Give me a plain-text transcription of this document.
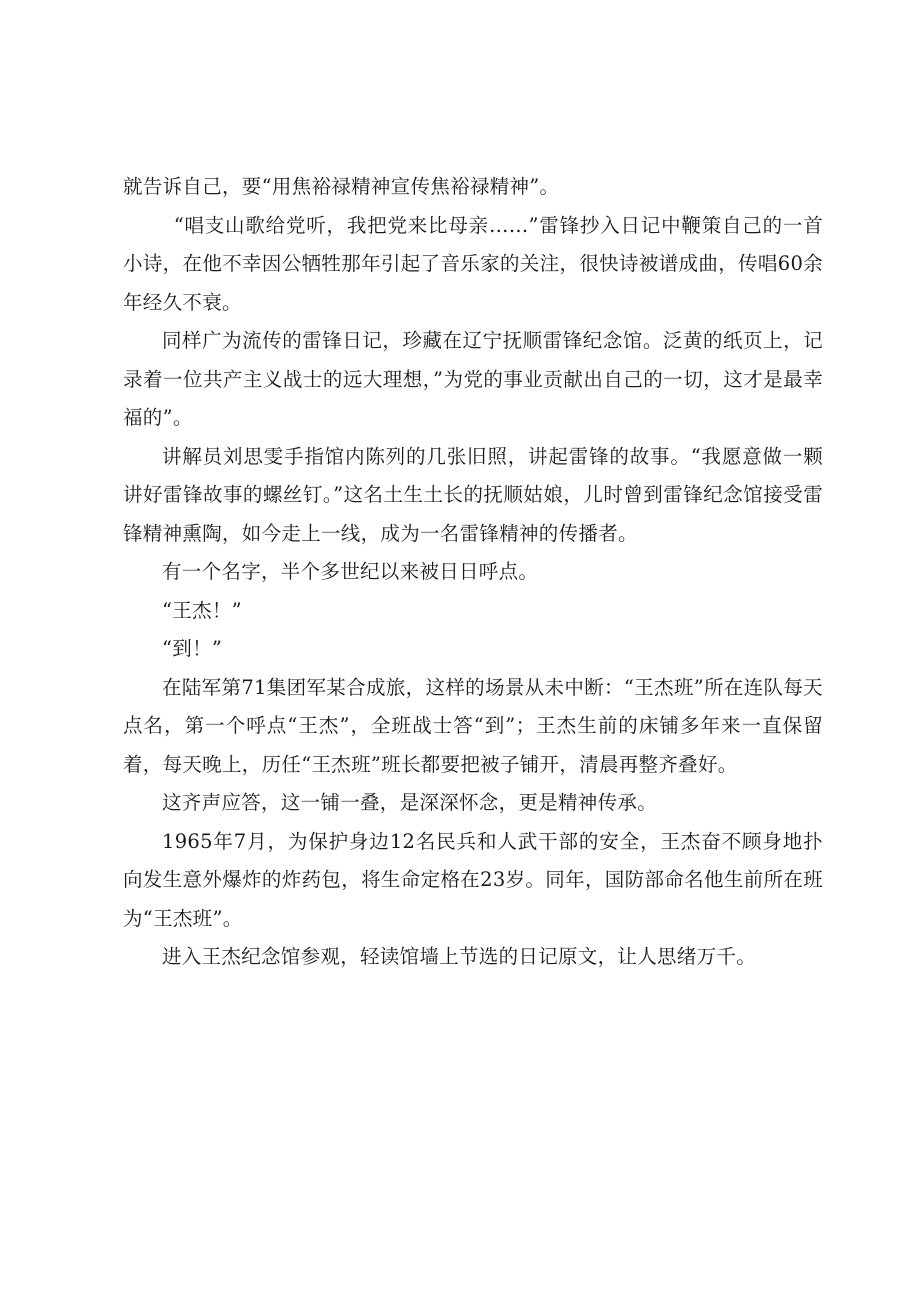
就告诉自己，要“用焦裕禄精神宣传焦裕禄精神”。

“唱支山歌给党听，我把党来比母亲……”雷锋抄入日记中鞭策自己的一首小诗，在他不幸因公牺牲那年引起了音乐家的关注，很快诗被谱成曲，传唱60余年经久不衰。

同样广为流传的雷锋日记，珍藏在辽宁抚顺雷锋纪念馆。泛黄的纸页上，记录着一位共产主义战士的远大理想，”为党的事业贡献出自己的一切，这才是最幸福的”。

讲解员刘思雯手指馆内陈列的几张旧照，讲起雷锋的故事。“我愿意做一颗讲好雷锋故事的螺丝钉。”这名土生土长的抚顺姑娘，儿时曾到雷锋纪念馆接受雷锋精神熏陶，如今走上一线，成为一名雷锋精神的传播者。

有一个名字，半个多世纪以来被日日呼点。

“王杰！”

“到！”

在陆军第71集团军某合成旅，这样的场景从未中断：“王杰班”所在连队每天点名，第一个呼点“王杰”，全班战士答“到”；王杰生前的床铺多年来一直保留着，每天晚上，历任“王杰班”班长都要把被子铺开，清晨再整齐叠好。

这齐声应答，这一铺一叠，是深深怀念，更是精神传承。

1965年7月，为保护身边12名民兵和人武干部的安全，王杰奋不顾身地扑向发生意外爆炸的炸药包，将生命定格在23岁。同年，国防部命名他生前所在班为“王杰班”。

进入王杰纪念馆参观，轻读馆墙上节选的日记原文，让人思绪万千。
